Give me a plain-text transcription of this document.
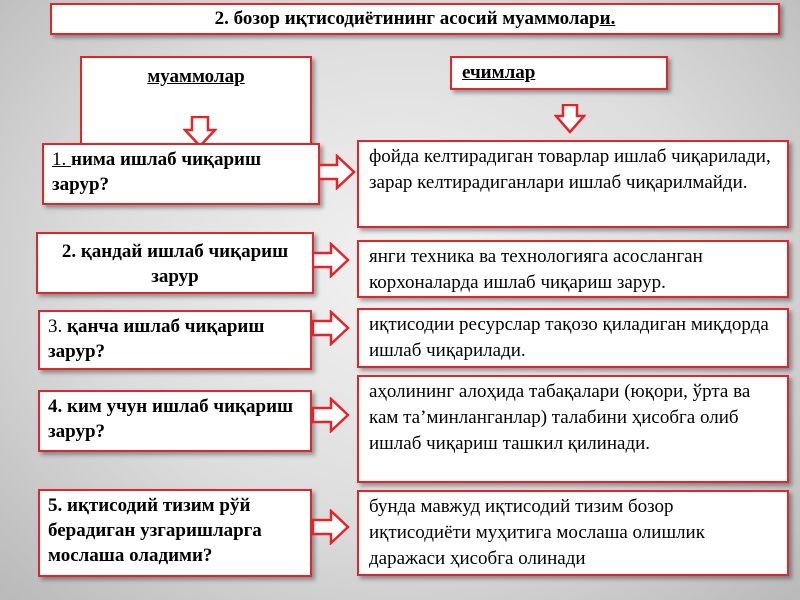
2. бозор иқтисодиётининг асосий муаммолари.
муаммолар	ечимлар
1. нима ишлаб чиқариш зарур?
фойда келтирадиган товарлар ишлаб чиқарилади, зарар келтирадиганлари ишлаб чиқарилмайди.
2. қандай ишлаб чиқариш зарур
янги техника ва технологияга асосланган корхоналарда ишлаб чиқариш зарур.
3. қанча ишлаб чиқариш зарур?
иқтисодии ресурслар тақозо қиладиган миқдорда ишлаб чиқарилади.
4. ким учун ишлаб чиқариш зарур?
аҳолининг алоҳида табақалари (юқори, ўрта ва кам таʼминланганлар) талабини ҳисобга олиб ишлаб чиқариш ташкил қилинади.
5. иқтисодий тизим рўй берадиган узгаришларга мослаша оладими?
бунда мавжуд иқтисодий тизим бозор иқтисодиёти муҳитига мослаша олишлик даражаси ҳисобга олинади
